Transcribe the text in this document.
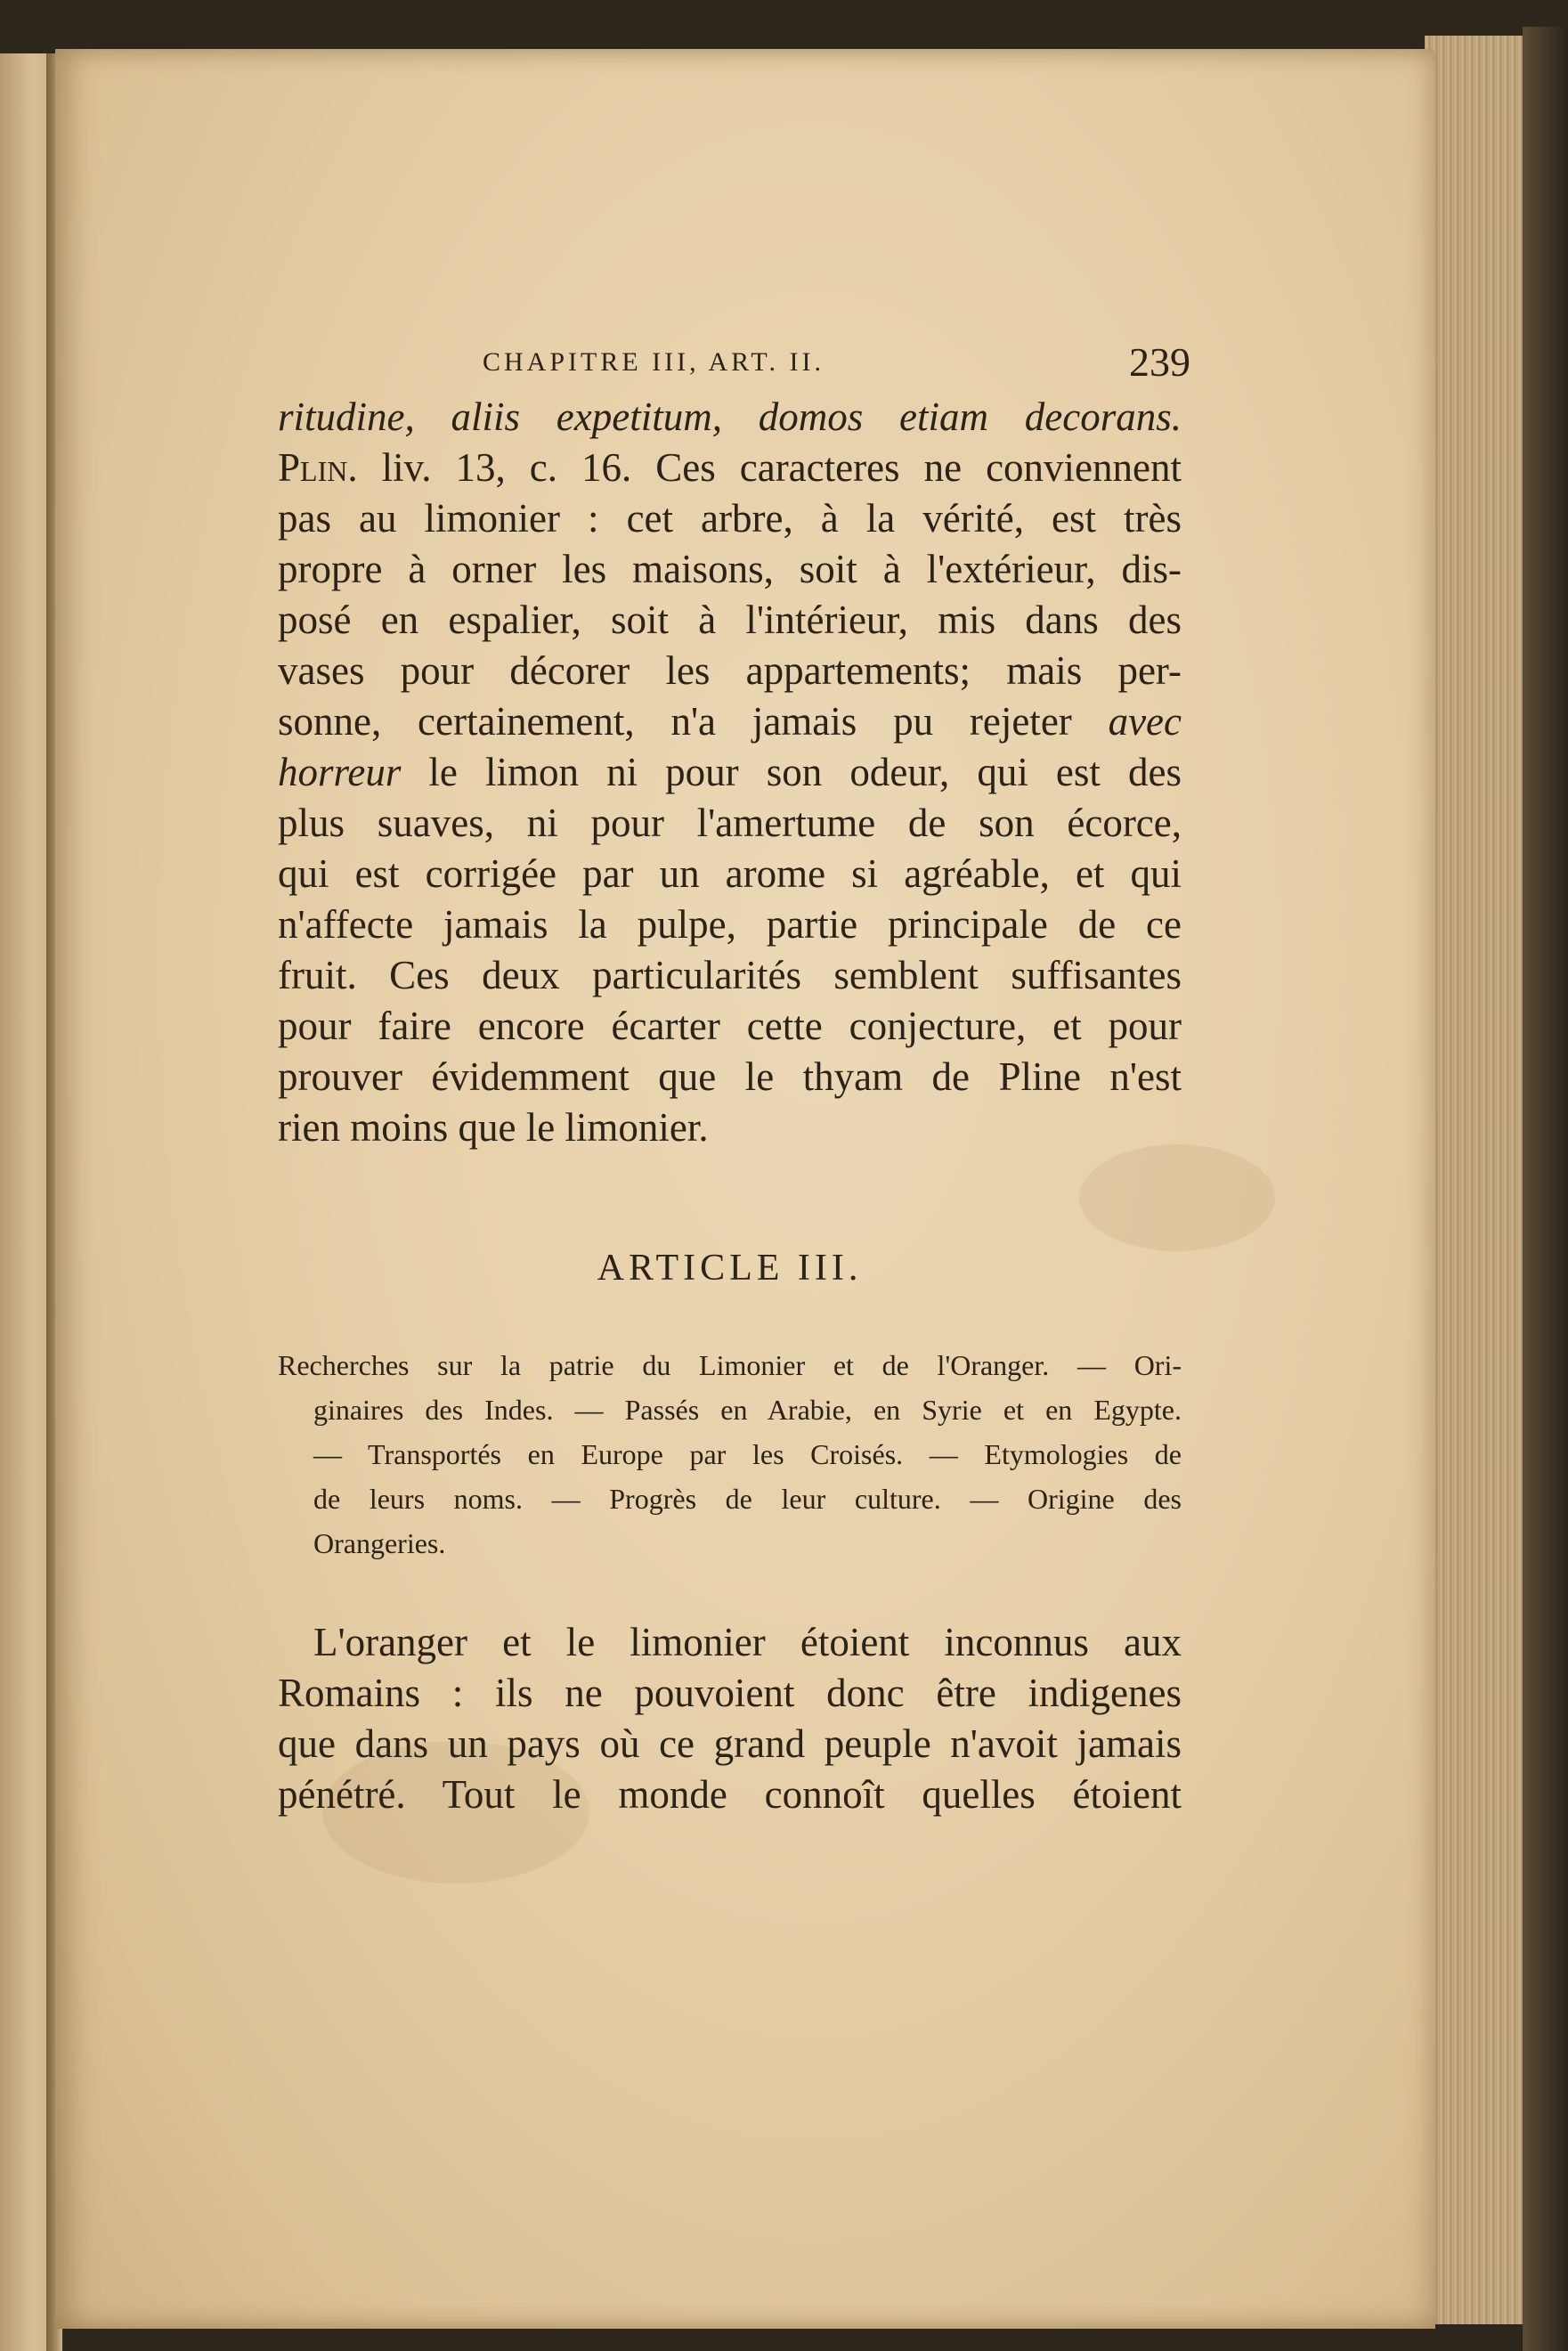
CHAPITRE III, ART. II.	239
ritudine, aliis expetitum, domos etiam decorans.
Plin. liv. 13, c. 16. Ces caracteres ne conviennent
pas au limonier : cet arbre, à la vérité, est très
propre à orner les maisons, soit à l'extérieur, dis-
posé en espalier, soit à l'intérieur, mis dans des
vases pour décorer les appartements; mais per-
sonne, certainement, n'a jamais pu rejeter avec
horreur le limon ni pour son odeur, qui est des
plus suaves, ni pour l'amertume de son écorce,
qui est corrigée par un arome si agréable, et qui
n'affecte jamais la pulpe, partie principale de ce
fruit. Ces deux particularités semblent suffisantes
pour faire encore écarter cette conjecture, et pour
prouver évidemment que le thyam de Pline n'est
rien moins que le limonier.
ARTICLE III.
Recherches sur la patrie du Limonier et de l'Oranger. — Ori-
ginaires des Indes. — Passés en Arabie, en Syrie et en Egypte.
— Transportés en Europe par les Croisés. — Etymologies de
de leurs noms. — Progrès de leur culture. — Origine des
Orangeries.
L'oranger et le limonier étoient inconnus aux
Romains : ils ne pouvoient donc être indigenes
que dans un pays où ce grand peuple n'avoit jamais
pénétré. Tout le monde connoît quelles étoient
